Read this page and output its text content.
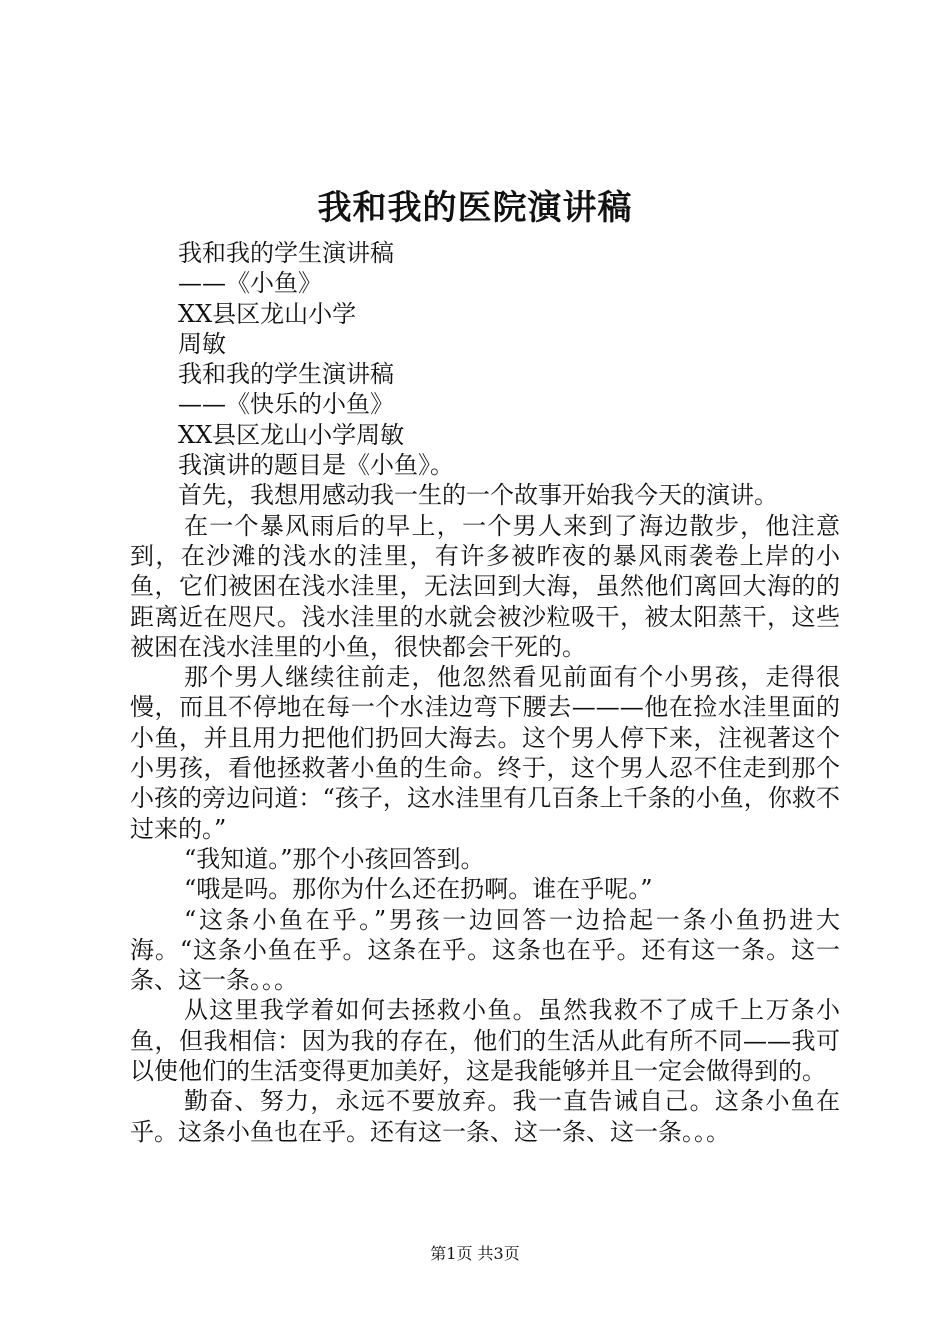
我和我的医院演讲稿

我和我的学生演讲稿

——《小鱼》

XX县区龙山小学

周敏

我和我的学生演讲稿

——《快乐的小鱼》

XX县区龙山小学周敏

我演讲的题目是《小鱼》。

首先，我想用感动我一生的一个故事开始我今天的演讲。

在一个暴风雨后的早上，一个男人来到了海边散步，他注意到，在沙滩的浅水的洼里，有许多被昨夜的暴风雨袭卷上岸的小鱼，它们被困在浅水洼里，无法回到大海，虽然他们离回大海的的距离近在咫尺。浅水洼里的水就会被沙粒吸干，被太阳蒸干，这些被困在浅水洼里的小鱼，很快都会干死的。

那个男人继续往前走，他忽然看见前面有个小男孩，走得很慢，而且不停地在每一个水洼边弯下腰去———他在捡水洼里面的小鱼，并且用力把他们扔回大海去。这个男人停下来，注视著这个小男孩，看他拯救著小鱼的生命。终于，这个男人忍不住走到那个小孩的旁边问道：“孩子，这水洼里有几百条上千条的小鱼，你救不过来的。”

“我知道。”那个小孩回答到。

“哦是吗。那你为什么还在扔啊。谁在乎呢。”

“这条小鱼在乎。”男孩一边回答一边拾起一条小鱼扔进大海。“这条小鱼在乎。这条在乎。这条也在乎。还有这一条。这一条、这一条。。。

从这里我学着如何去拯救小鱼。虽然我救不了成千上万条小鱼，但我相信：因为我的存在，他们的生活从此有所不同——我可以使他们的生活变得更加美好，这是我能够并且一定会做得到的。

勤奋、努力，永远不要放弃。我一直告诫自己。这条小鱼在乎。这条小鱼也在乎。还有这一条、这一条、这一条。。。

第1页 共3页
